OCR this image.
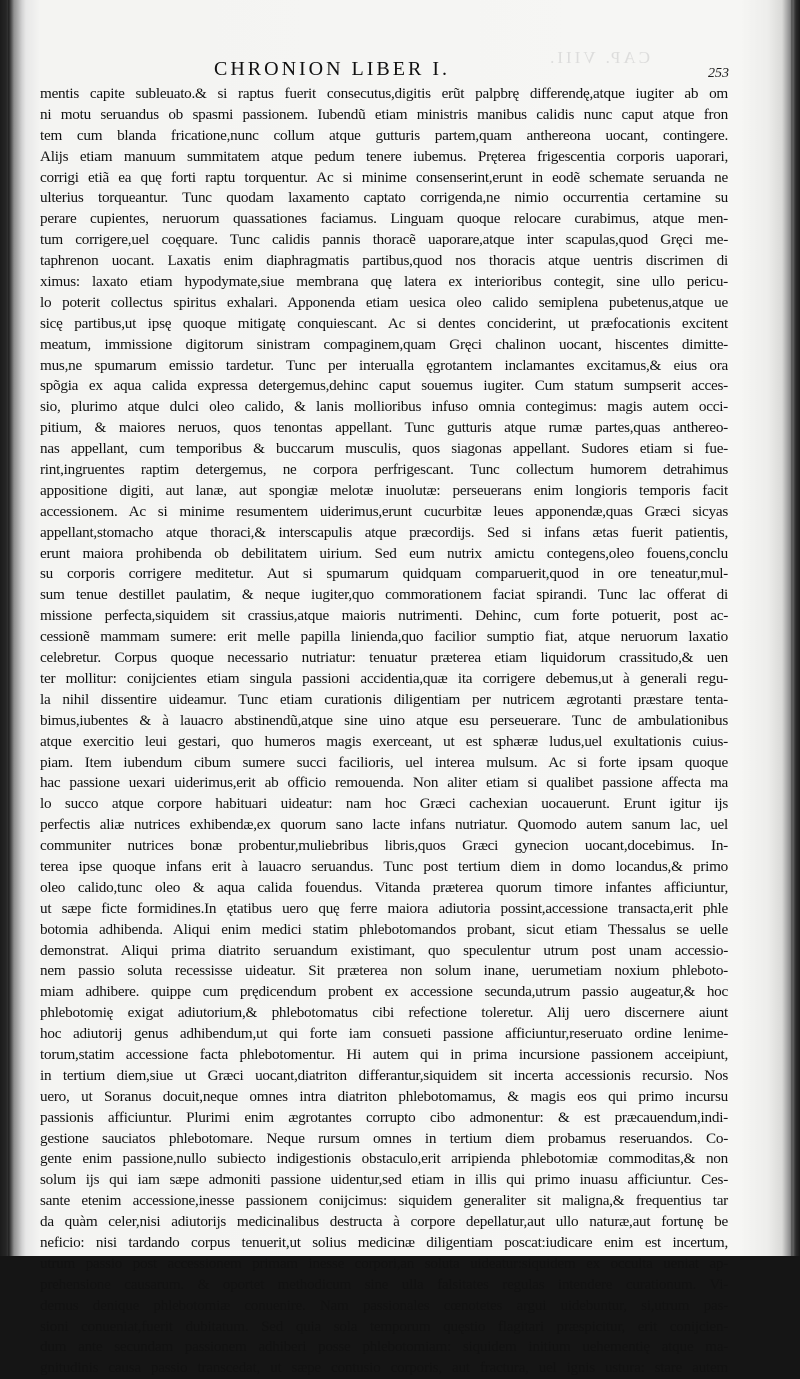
CAP. VIII.
CHRONION LIBER I.	253
mentis capite subleuato.& si raptus fuerit consecutus,digitis erũt palpbrę differendę,atque iugiter ab om
ni motu seruandus ob spasmi passionem. Iubendũ etiam ministris manibus calidis nunc caput atque fron
tem cum blanda fricatione,nunc collum atque gutturis partem,quam anthereona uocant, contingere.
Alijs etiam manuum summitatem atque pedum tenere iubemus. Pręterea frigescentia corporis uaporari,
corrigi etiã ea quę forti raptu torquentur. Ac si minime consenserint,erunt in eodẽ schemate seruanda ne
ulterius torqueantur. Tunc quodam laxamento captato corrigenda,ne nimio occurrentia certamine su
perare cupientes, neruorum quassationes faciamus. Linguam quoque relocare curabimus, atque men-
tum corrigere,uel coęquare. Tunc calidis pannis thoracẽ uaporare,atque inter scapulas,quod Gręci me-
taphrenon uocant. Laxatis enim diaphragmatis partibus,quod nos thoracis atque uentris discrimen di
ximus: laxato etiam hypodymate,siue membrana quę latera ex interioribus contegit, sine ullo pericu-
lo poterit collectus spiritus exhalari. Apponenda etiam uesica oleo calido semiplena pubetenus,atque ue
sicę partibus,ut ipsę quoque mitigatę conquiescant. Ac si dentes conciderint, ut præfocationis excitent
meatum, immissione digitorum sinistram compaginem,quam Gręci chalinon uocant, hiscentes dimitte-
mus,ne spumarum emissio tardetur. Tunc per interualla ęgrotantem inclamantes excitamus,& eius ora
spõgia ex aqua calida expressa detergemus,dehinc caput souemus iugiter. Cum statum sumpserit acces-
sio, plurimo atque dulci oleo calido, & lanis mollioribus infuso omnia contegimus: magis autem occi-
pitium, & maiores neruos, quos tenontas appellant. Tunc gutturis atque rumæ partes,quas anthereo-
nas appellant, cum temporibus & buccarum musculis, quos siagonas appellant. Sudores etiam si fue-
rint,ingruentes raptim detergemus, ne corpora perfrigescant. Tunc collectum humorem detrahimus
appositione digiti, aut lanæ, aut spongiæ melotæ inuolutæ: perseuerans enim longioris temporis facit
accessionem. Ac si minime resumentem uiderimus,erunt cucurbitæ leues apponendæ,quas Græci sicyas
appellant,stomacho atque thoraci,& interscapulis atque præcordijs. Sed si infans ætas fuerit patientis,
erunt maiora prohibenda ob debilitatem uirium. Sed eum nutrix amictu contegens,oleo fouens,conclu
su corporis corrigere meditetur. Aut si spumarum quidquam comparuerit,quod in ore teneatur,mul-
sum tenue destillet paulatim, & neque iugiter,quo commorationem faciat spirandi. Tunc lac offerat di
missione perfecta,siquidem sit crassius,atque maioris nutrimenti. Dehinc, cum forte potuerit, post ac-
cessionẽ mammam sumere: erit melle papilla linienda,quo facilior sumptio fiat, atque neruorum laxatio
celebretur. Corpus quoque necessario nutriatur: tenuatur præterea etiam liquidorum crassitudo,& uen
ter mollitur: conijcientes etiam singula passioni accidentia,quæ ita corrigere debemus,ut à generali regu-
la nihil dissentire uideamur. Tunc etiam curationis diligentiam per nutricem ægrotanti præstare tenta-
bimus,iubentes & à lauacro abstinendũ,atque sine uino atque esu perseuerare. Tunc de ambulationibus
atque exercitio leui gestari, quo humeros magis exerceant, ut est sphæræ ludus,uel exultationis cuius-
piam. Item iubendum cibum sumere succi facilioris, uel interea mulsum. Ac si forte ipsam quoque
hac passione uexari uiderimus,erit ab officio remouenda. Non aliter etiam si qualibet passione affecta ma
lo succo atque corpore habituari uideatur: nam hoc Græci cachexian uocauerunt. Erunt igitur ijs
perfectis aliæ nutrices exhibendæ,ex quorum sano lacte infans nutriatur. Quomodo autem sanum lac, uel
communiter nutrices bonæ probentur,muliebribus libris,quos Græci gynecion uocant,docebimus. In-
terea ipse quoque infans erit à lauacro seruandus. Tunc post tertium diem in domo locandus,& primo
oleo calido,tunc oleo & aqua calida fouendus. Vitanda præterea quorum timore infantes afficiuntur,
ut sæpe ficte formidines.In ętatibus uero quę ferre maiora adiutoria possint,accessione transacta,erit phle
botomia adhibenda. Aliqui enim medici statim phlebotomandos probant, sicut etiam Thessalus se uelle
demonstrat. Aliqui prima diatrito seruandum existimant, quo speculentur utrum post unam accessio-
nem passio soluta recessisse uideatur. Sit præterea non solum inane, uerumetiam noxium phleboto-
miam adhibere. quippe cum prędicendum probent ex accessione secunda,utrum passio augeatur,& hoc
phlebotomię exigat adiutorium,& phlebotomatus cibi refectione toleretur. Alij uero discernere aiunt
hoc adiutorij genus adhibendum,ut qui forte iam consueti passione afficiuntur,reseruato ordine lenime-
torum,statim accessione facta phlebotomentur. Hi autem qui in prima incursione passionem acceipiunt,
in tertium diem,siue ut Græci uocant,diatriton differantur,siquidem sit incerta accessionis recursio. Nos
uero, ut Soranus docuit,neque omnes intra diatriton phlebotomamus, & magis eos qui primo incursu
passionis afficiuntur. Plurimi enim ægrotantes corrupto cibo admonentur: & est præcauendum,indi-
gestione sauciatos phlebotomare. Neque rursum omnes in tertium diem probamus reseruandos. Co-
gente enim passione,nullo subiecto indigestionis obstaculo,erit arripienda phlebotomiæ commoditas,& non
solum ijs qui iam sæpe admoniti passione uidentur,sed etiam in illis qui primo inuasu afficiuntur. Ces-
sante etenim accessione,inesse passionem conijcimus: siquidem generaliter sit maligna,& frequentius tar
da quàm celer,nisi adiutorijs medicinalibus destructa à corpore depellatur,aut ullo naturæ,aut fortunę be
neficio: nisi tardando corpus tenuerit,ut solius medicinæ diligentiam poscat:iudicare enim est incertum,
utrum passio post accessionem primam inesse corpori,an soluta uideatur:siquidem ex occulta ueniat ap-
prehensione causarum. & oportet methodicum sine ulla falsitates regulas intendere curationum. Vi-
demus denique phlebotomiæ conuenire. Nam passionales cœnotetes argui uidebuntur, si,utrum pas-
sioni conueniat,fuerit dubitatum. Sed quia sola temporum quęstio flagitari præspicitur, erit conijcien-
dum ante secundam passionem adhiberi posse phlebotomiam: siquidem initium uehementię atque ma-
gnitudinis causa passio transcedat, ut sæpe contusio corporis, aut fractura, uel ignis ustura: stare autem
